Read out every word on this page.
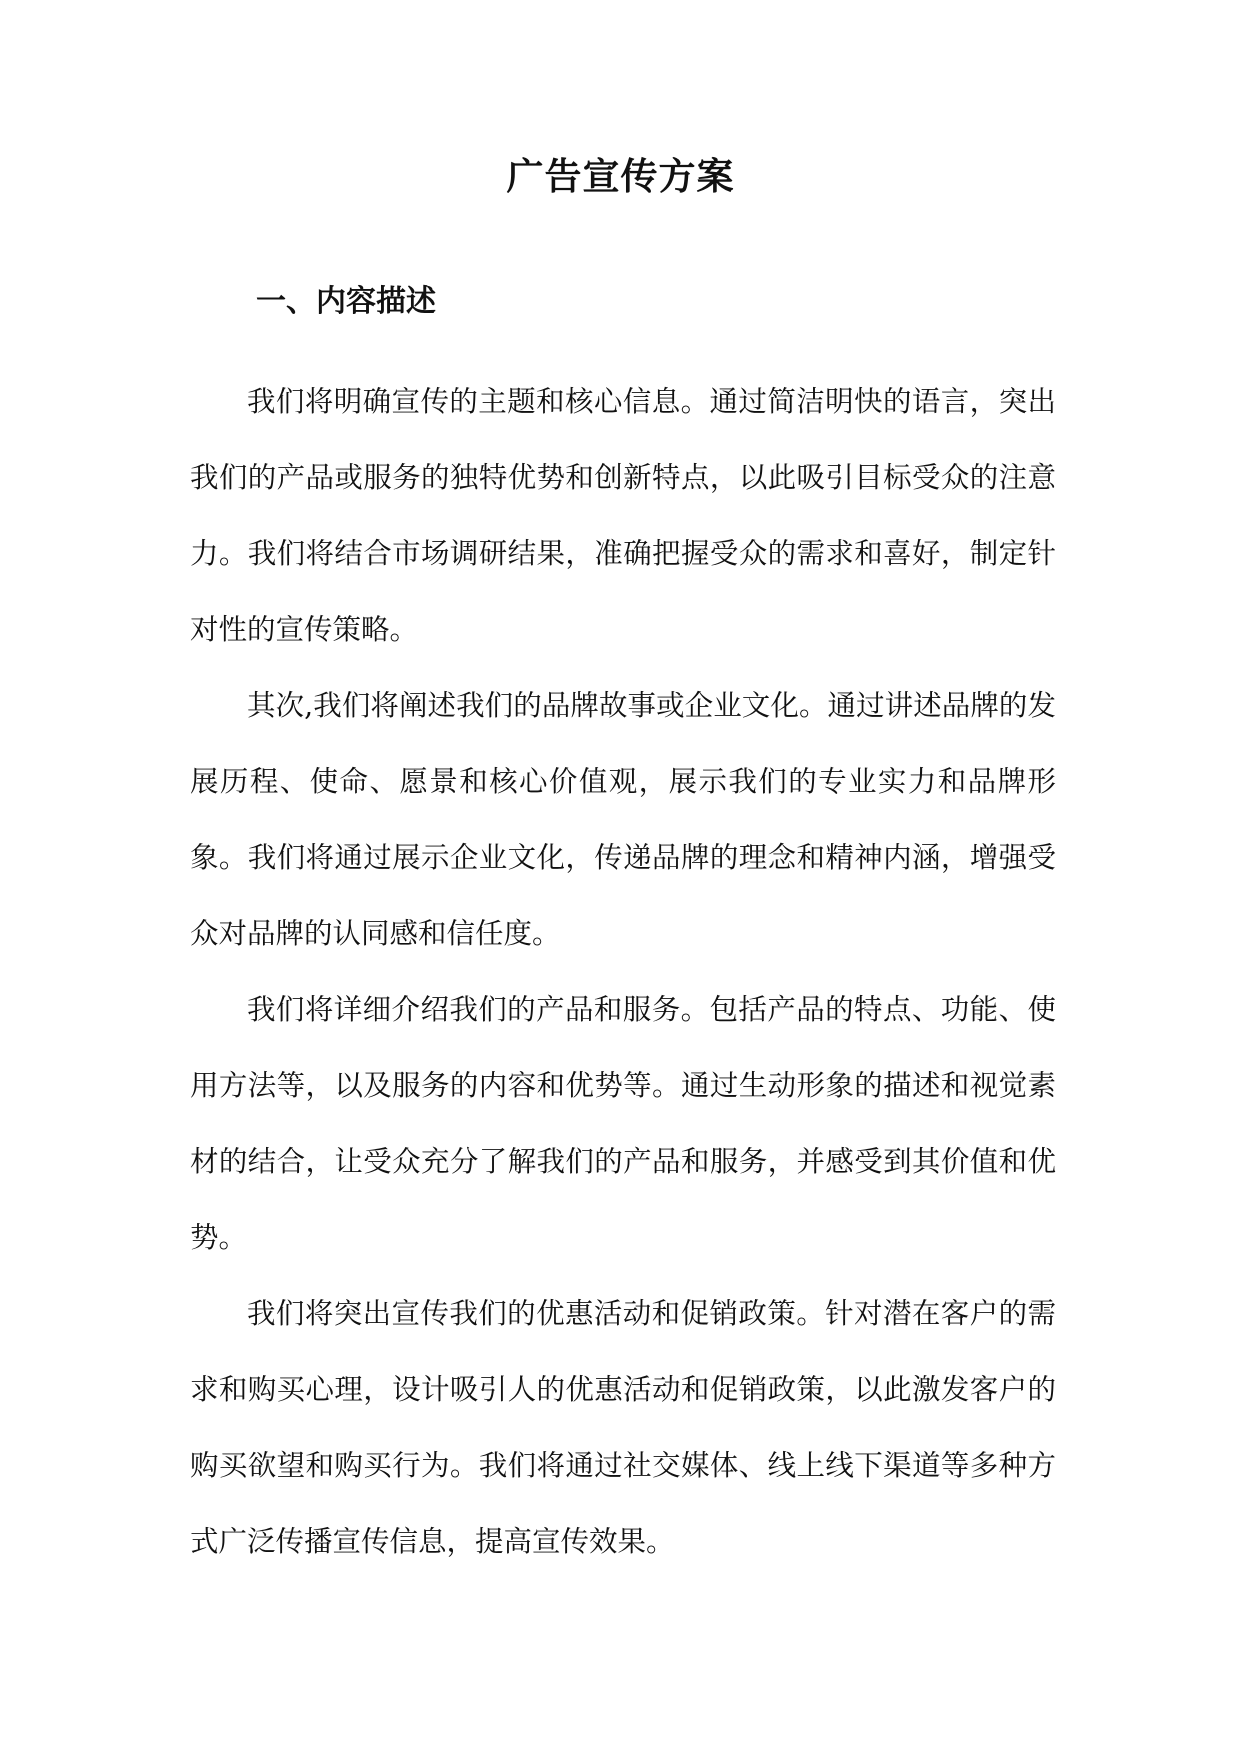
广告宣传方案
一、内容描述

我们将明确宣传的主题和核心信息。通过简洁明快的语言，突出我们的产品或服务的独特优势和创新特点，以此吸引目标受众的注意力。我们将结合市场调研结果，准确把握受众的需求和喜好，制定针对性的宣传策略。

其次,我们将阐述我们的品牌故事或企业文化。通过讲述品牌的发展历程、使命、愿景和核心价值观，展示我们的专业实力和品牌形象。我们将通过展示企业文化，传递品牌的理念和精神内涵，增强受众对品牌的认同感和信任度。

我们将详细介绍我们的产品和服务。包括产品的特点、功能、使用方法等，以及服务的内容和优势等。通过生动形象的描述和视觉素材的结合，让受众充分了解我们的产品和服务，并感受到其价值和优势。

我们将突出宣传我们的优惠活动和促销政策。针对潜在客户的需求和购买心理，设计吸引人的优惠活动和促销政策，以此激发客户的购买欲望和购买行为。我们将通过社交媒体、线上线下渠道等多种方式广泛传播宣传信息，提高宣传效果。
